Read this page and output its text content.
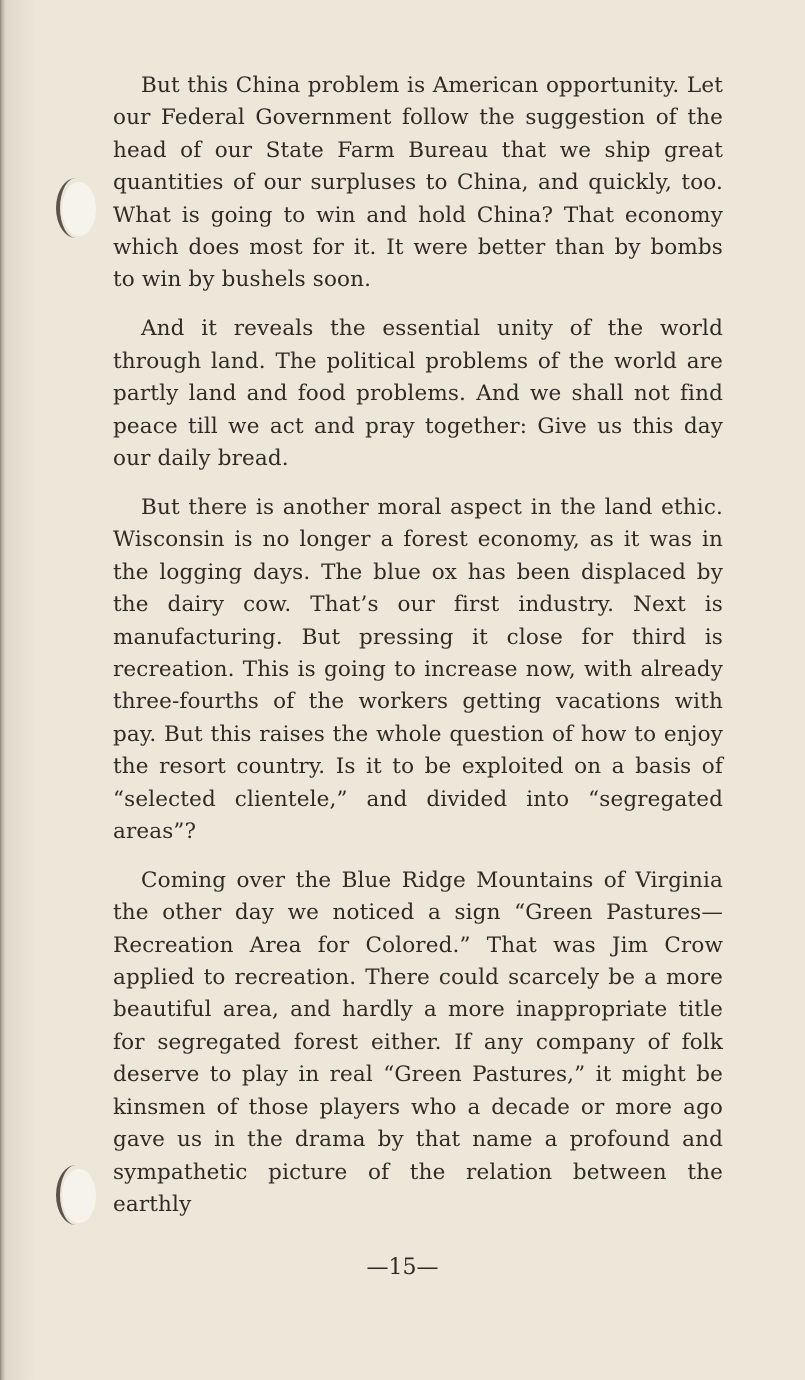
But this China problem is American opportunity. Let our Federal Government follow the suggestion of the head of our State Farm Bureau that we ship great quantities of our surpluses to China, and quickly, too. What is going to win and hold China? That economy which does most for it. It were better than by bombs to win by bushels soon.

And it reveals the essential unity of the world through land. The political problems of the world are partly land and food problems. And we shall not find peace till we act and pray together: Give us this day our daily bread.

But there is another moral aspect in the land ethic. Wisconsin is no longer a forest economy, as it was in the logging days. The blue ox has been displaced by the dairy cow. That’s our first industry. Next is manufacturing. But pressing it close for third is recreation. This is going to increase now, with already three-fourths of the workers getting vacations with pay. But this raises the whole question of how to enjoy the resort country. Is it to be exploited on a basis of “selected clientele,” and divided into “segregated areas”?

Coming over the Blue Ridge Mountains of Virginia the other day we noticed a sign “Green Pastures—Recreation Area for Colored.” That was Jim Crow applied to recreation. There could scarcely be a more beautiful area, and hardly a more inappropriate title for segregated forest either. If any company of folk deserve to play in real “Green Pastures,” it might be kinsmen of those players who a decade or more ago gave us in the drama by that name a profound and sympathetic picture of the relation between the earthly

—15—
